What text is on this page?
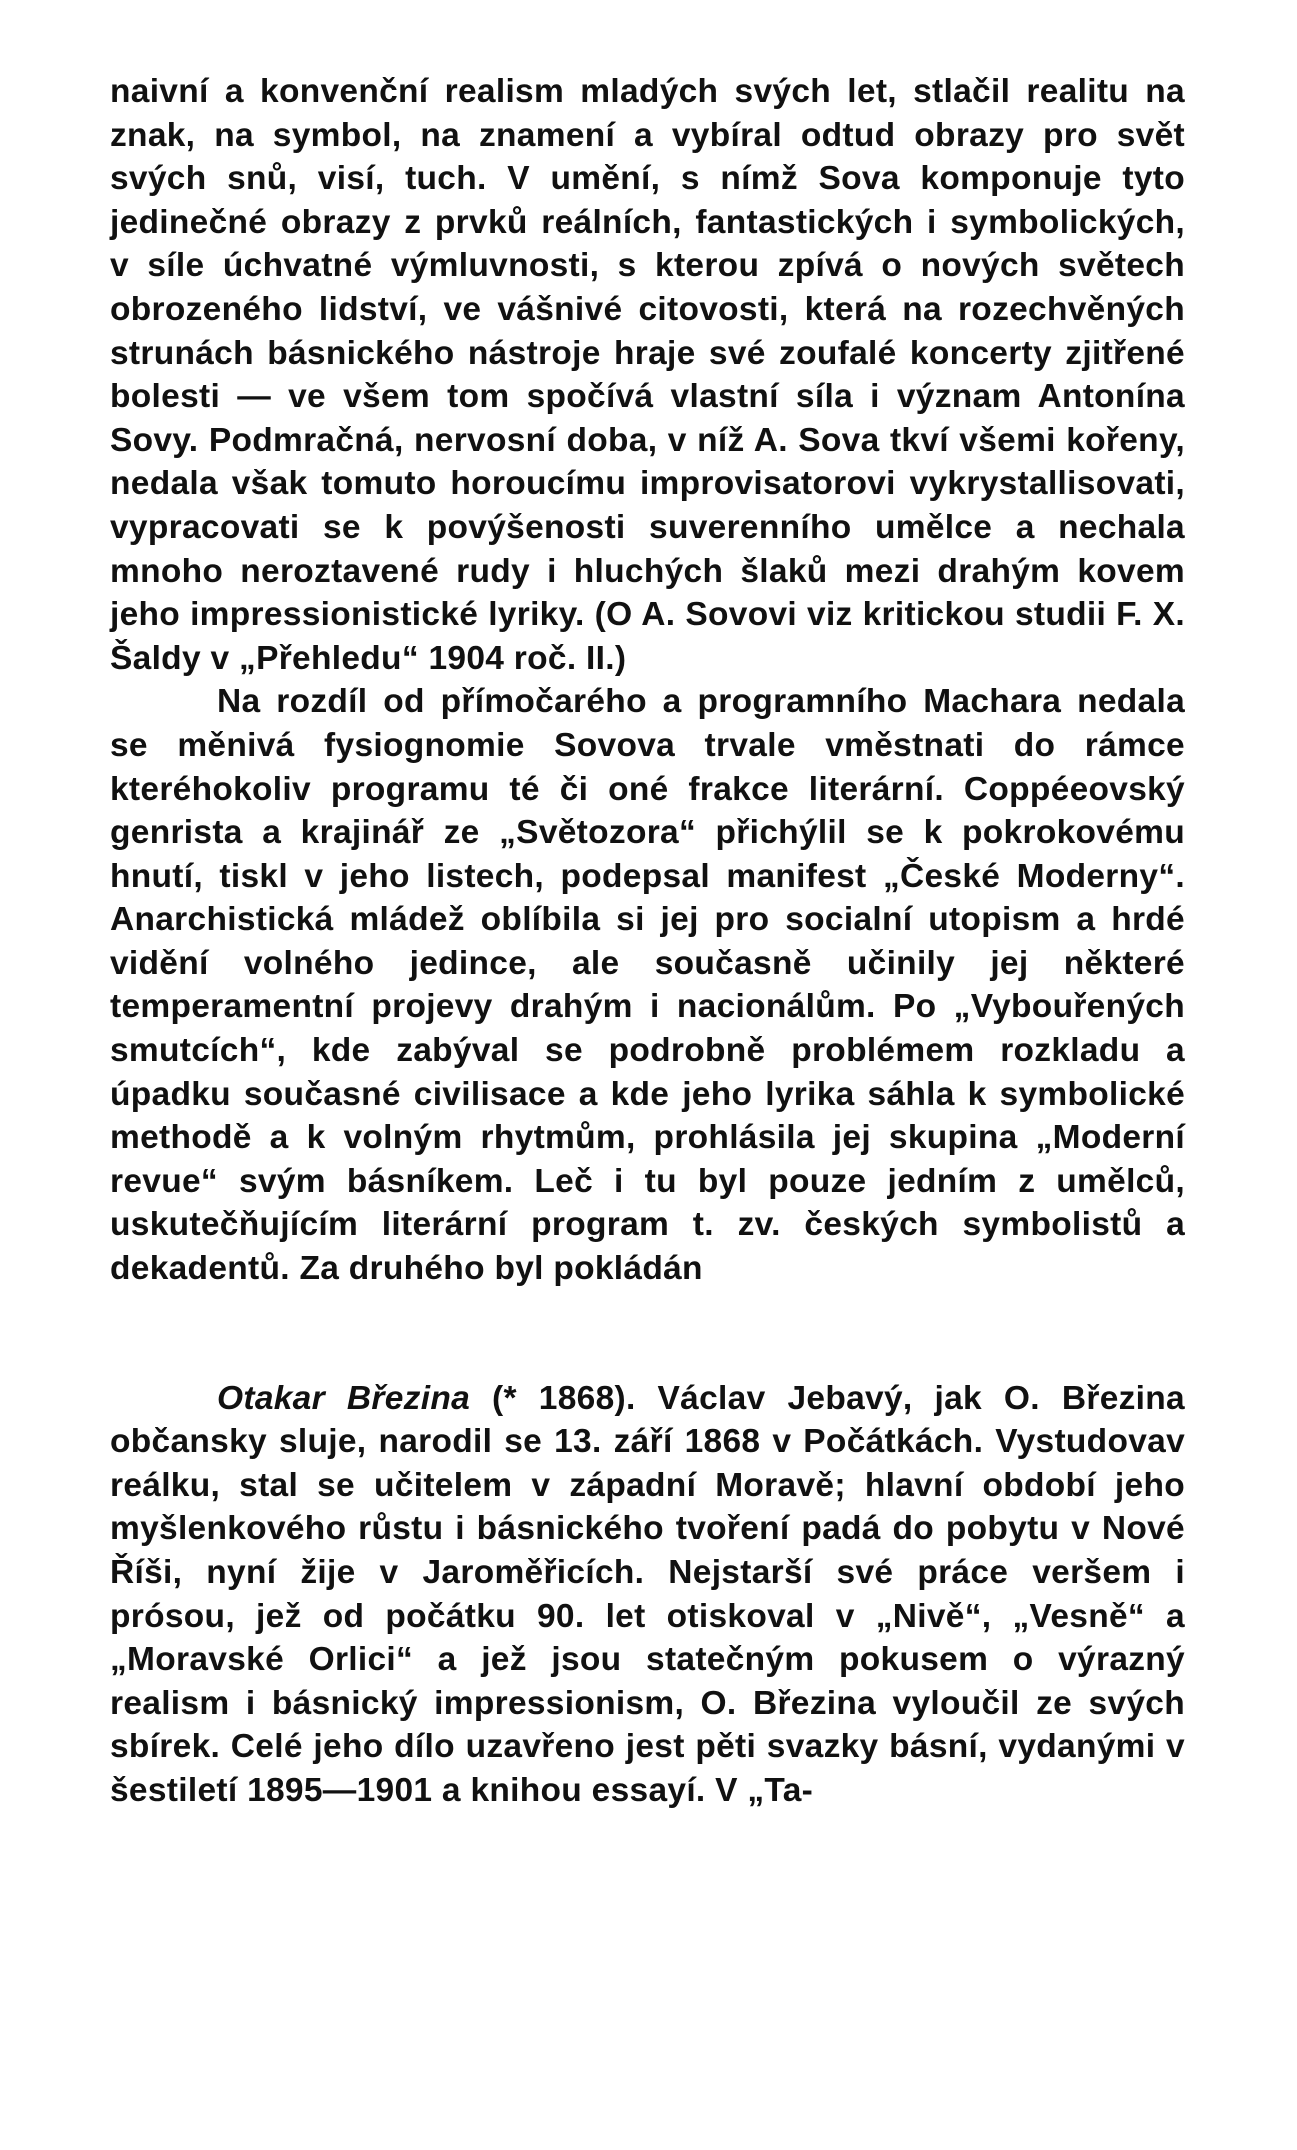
naivní a konvenční realism mladých svých let, stlačil realitu na znak, na symbol, na znamení a vybíral odtud obrazy pro svět svých snů, visí, tuch. V umění, s nímž Sova komponuje tyto jedinečné obrazy z prvků reálních, fantastických i symbolických, v síle úchvatné výmluvnosti, s kterou zpívá o nových světech obrozeného lidství, ve vášnivé citovosti, která na rozechvěných strunách básnického nástroje hraje své zoufalé koncerty zjitřené bolesti — ve všem tom spočívá vlastní síla i význam Antonína Sovy. Podmračná, nervosní doba, v níž A. Sova tkví všemi kořeny, nedala však tomuto horoucímu improvisatorovi vykrystallisovati, vypracovati se k povýšenosti suverenního umělce a nechala mnoho neroztavené rudy i hluchých šlaků mezi drahým kovem jeho impressionistické lyriky. (O A. Sovovi viz kritickou studii F. X. Šaldy v „Přehledu“ 1904 roč. II.)

Na rozdíl od přímočarého a programního Machara nedala se měnivá fysiognomie Sovova trvale vměstnati do rámce kteréhokoliv programu té či oné frakce literární. Coppéeovský genrista a krajinář ze „Světozora“ přichýlil se k pokrokovému hnutí, tiskl v jeho listech, podepsal manifest „České Moderny“. Anarchistická mládež oblíbila si jej pro socialní utopism a hrdé vidění volného jedince, ale současně učinily jej některé temperamentní projevy drahým i nacionálům. Po „Vybouřených smutcích“, kde zabýval se podrobně problémem rozkladu a úpadku současné civilisace a kde jeho lyrika sáhla k symbolické methodě a k volným rhytmům, prohlásila jej skupina „Moderní revue“ svým básníkem. Leč i tu byl pouze jedním z umělců, uskutečňujícím literární program t. zv. českých symbolistů a dekadentů. Za druhého byl pokládán

Otakar Březina (* 1868). Václav Jebavý, jak O. Březina občansky sluje, narodil se 13. září 1868 v Počátkách. Vystudovav reálku, stal se učitelem v západní Moravě; hlavní období jeho myšlenkového růstu i básnického tvoření padá do pobytu v Nové Říši, nyní žije v Jaroměřicích. Nejstarší své práce veršem i prósou, jež od počátku 90. let otiskoval v „Nivě“, „Vesně“ a „Moravské Orlici“ a jež jsou statečným pokusem o výrazný realism i básnický impressionism, O. Březina vyloučil ze svých sbírek. Celé jeho dílo uzavřeno jest pěti svazky básní, vydanými v šestiletí 1895—1901 a knihou essayí. V „Ta-
